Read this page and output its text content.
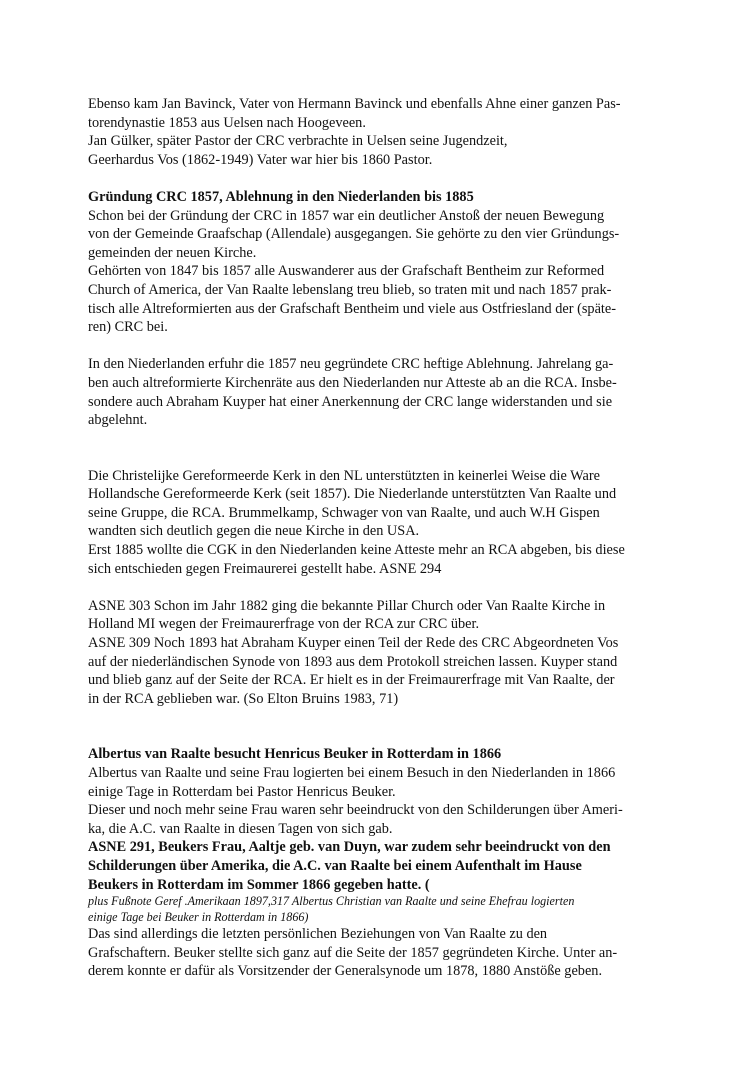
Ebenso kam Jan Bavinck, Vater von Hermann Bavinck und ebenfalls Ahne einer ganzen Pas-
torendynastie 1853 aus Uelsen nach Hoogeveen.
Jan Gülker, später Pastor der CRC verbrachte in Uelsen seine Jugendzeit,
Geerhardus Vos (1862-1949) Vater war hier bis 1860 Pastor.
Gründung CRC 1857, Ablehnung in den Niederlanden bis 1885
Schon bei der Gründung der CRC in 1857 war ein deutlicher Anstoß der neuen Bewegung
von der Gemeinde Graafschap (Allendale) ausgegangen. Sie gehörte zu den vier Gründungs-
gemeinden der neuen Kirche.
Gehörten von 1847 bis 1857 alle Auswanderer aus der Grafschaft Bentheim zur Reformed
Church of America, der Van Raalte lebenslang treu blieb, so traten mit und nach 1857 prak-
tisch alle Altreformierten aus der Grafschaft Bentheim und viele aus Ostfriesland der (späte-
ren) CRC bei.
In den Niederlanden erfuhr die 1857 neu gegründete CRC heftige Ablehnung. Jahrelang ga-
ben auch altreformierte Kirchenräte aus den Niederlanden nur Atteste ab an die RCA. Insbe-
sondere auch Abraham Kuyper hat einer Anerkennung der CRC lange widerstanden und sie
abgelehnt.
Die Christelijke Gereformeerde Kerk in den NL unterstützten in keinerlei Weise die Ware
Hollandsche Gereformeerde Kerk (seit 1857). Die Niederlande unterstützten Van Raalte und
seine Gruppe, die RCA. Brummelkamp, Schwager von van Raalte, und auch W.H Gispen
wandten sich deutlich gegen die neue Kirche in den USA.
Erst 1885 wollte die CGK in den Niederlanden keine Atteste mehr an RCA abgeben, bis diese
sich entschieden gegen Freimaurerei gestellt habe. ASNE 294
ASNE 303 Schon im Jahr 1882 ging die bekannte Pillar Church oder Van Raalte Kirche in
Holland MI wegen der Freimaurerfrage von der RCA zur CRC über.
ASNE 309 Noch 1893 hat Abraham Kuyper einen Teil der Rede des CRC Abgeordneten Vos
auf der niederländischen Synode von 1893 aus dem Protokoll streichen lassen. Kuyper stand
und blieb ganz auf der Seite der RCA. Er hielt es in der Freimaurerfrage mit Van Raalte, der
in der RCA geblieben war. (So Elton Bruins 1983, 71)
Albertus van Raalte besucht Henricus Beuker in Rotterdam in 1866
Albertus van Raalte und seine Frau logierten bei einem Besuch in den Niederlanden in 1866
einige Tage in Rotterdam bei Pastor Henricus Beuker.
Dieser und noch mehr seine Frau waren sehr beeindruckt von den Schilderungen über Ameri-
ka, die A.C. van Raalte in diesen Tagen von sich gab.
ASNE 291, Beukers Frau, Aaltje geb. van Duyn, war zudem sehr beeindruckt von den
Schilderungen über Amerika, die A.C. van Raalte bei einem Aufenthalt im Hause
Beukers in Rotterdam im Sommer 1866 gegeben hatte. (
plus Fußnote Geref .Amerikaan 1897,317 Albertus Christian van Raalte und seine Ehefrau logierten
einige Tage bei Beuker in Rotterdam in 1866)
Das sind allerdings die letzten persönlichen Beziehungen von Van Raalte zu den
Grafschaftern. Beuker stellte sich ganz auf die Seite der 1857 gegründeten Kirche. Unter an-
derem konnte er dafür als Vorsitzender der Generalsynode um 1878, 1880 Anstöße geben.
